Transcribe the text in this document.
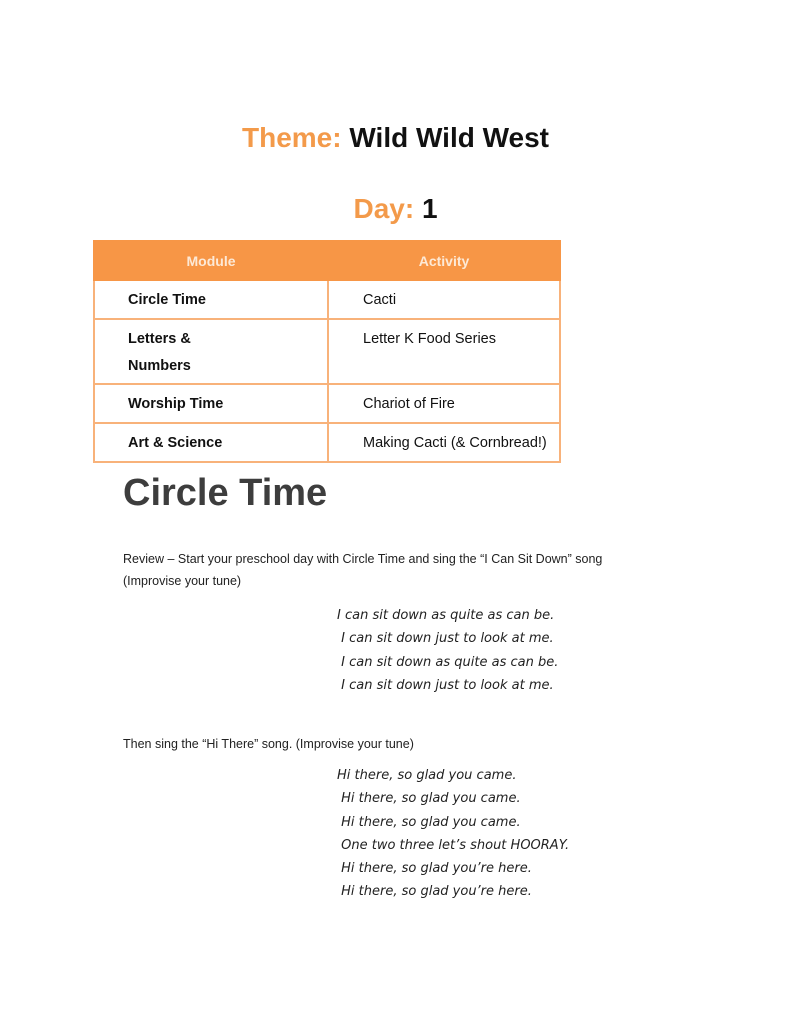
Theme: Wild Wild West
Day: 1
Module	Activity

Circle Time	Cacti

Letters &
Numbers	Letter K Food Series

Worship Time	Chariot of Fire

Art & Science	Making Cacti (& Cornbread!)
Circle Time
Review – Start your preschool day with Circle Time and sing the “I Can Sit Down” song
(Improvise your tune)
I can sit down as quite as can be.
I can sit down just to look at me.
I can sit down as quite as can be.
I can sit down just to look at me.
Then sing the “Hi There” song. (Improvise your tune)
Hi there, so glad you came.
Hi there, so glad you came.
Hi there, so glad you came.
One two three let’s shout HOORAY.
Hi there, so glad you’re here.
Hi there, so glad you’re here.
